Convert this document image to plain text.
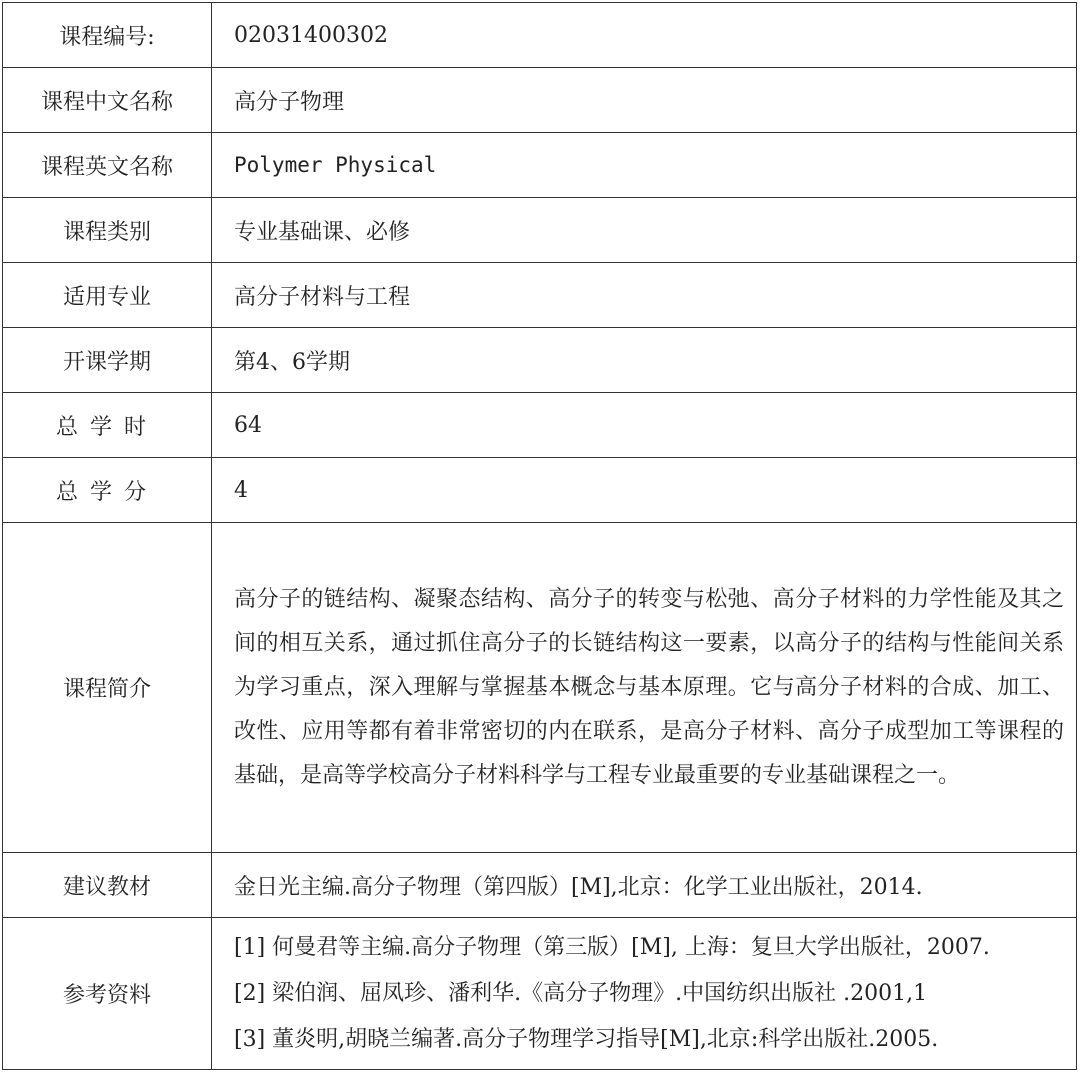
课程编号:	02031400302
课程中文名称	高分子物理
课程英文名称	Polymer Physical
课程类别	专业基础课、必修
适用专业	高分子材料与工程
开课学期	第4、6学期
总学时	64
总学分	4
课程简介	高分子的链结构、凝聚态结构、高分子的转变与松弛、高分子材料的力学性能及其之间的相互关系，通过抓住高分子的长链结构这一要素，以高分子的结构与性能间关系为学习重点，深入理解与掌握基本概念与基本原理。它与高分子材料的合成、加工、改性、应用等都有着非常密切的内在联系，是高分子材料、高分子成型加工等课程的基础，是高等学校高分子材料科学与工程专业最重要的专业基础课程之一。
建议教材	金日光主编.高分子物理（第四版）[M],北京：化学工业出版社，2014.
参考资料	[1] 何曼君等主编.高分子物理（第三版）[M], 上海：复旦大学出版社，2007.
[2] 梁伯润、屈凤珍、潘利华.《高分子物理》.中国纺织出版社 .2001,1
[3] 董炎明,胡晓兰编著.高分子物理学习指导[M],北京:科学出版社.2005.
